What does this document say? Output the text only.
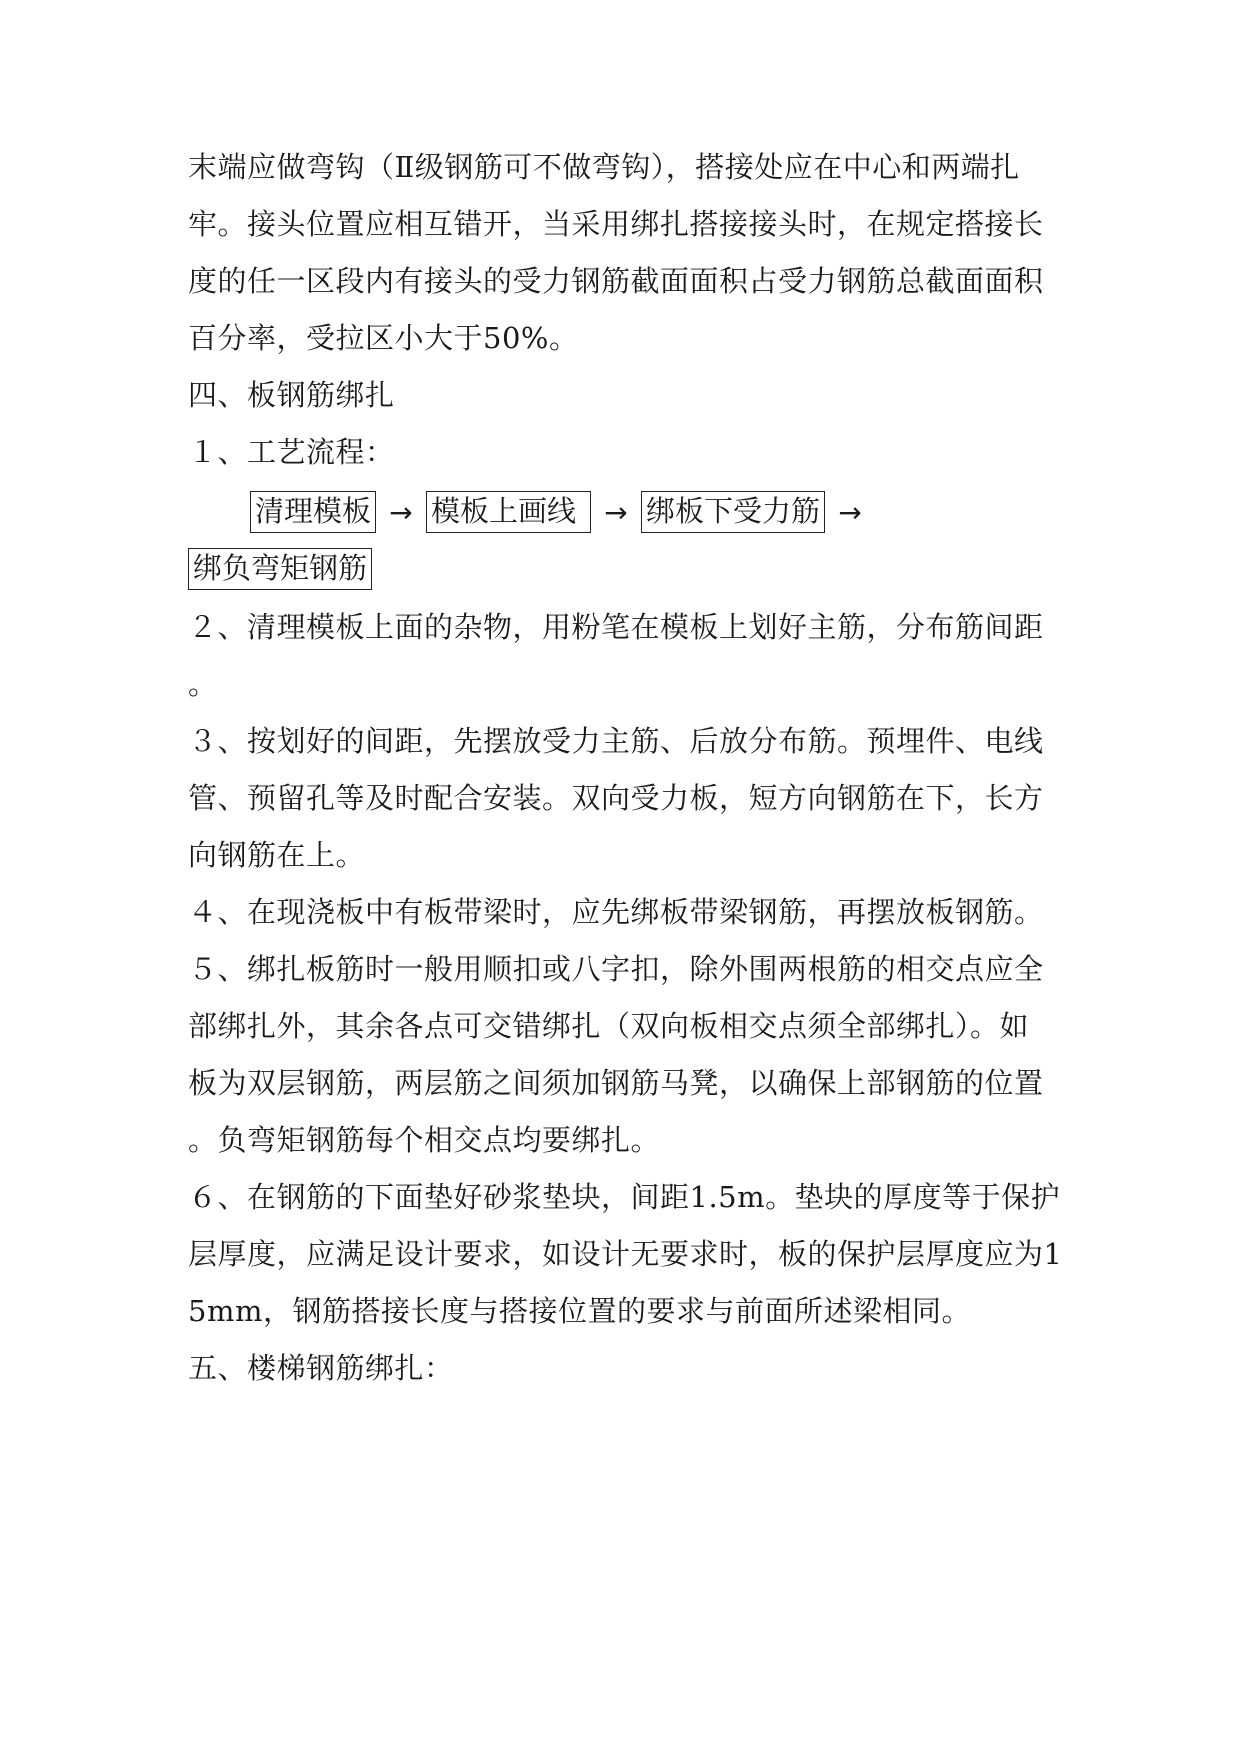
末端应做弯钩（Ⅱ级钢筋可不做弯钩），搭接处应在中心和两端扎
牢。接头位置应相互错开，当采用绑扎搭接接头时，在规定搭接长
度的任一区段内有接头的受力钢筋截面面积占受力钢筋总截面面积
百分率，受拉区小大于50%。
四、板钢筋绑扎
１、工艺流程：
清理模板 → 模板上画线	→ 绑板下受力筋 →
绑负弯矩钢筋
２、清理模板上面的杂物，用粉笔在模板上划好主筋，分布筋间距
。
３、按划好的间距，先摆放受力主筋、后放分布筋。预埋件、电线
管、预留孔等及时配合安装。双向受力板，短方向钢筋在下，长方
向钢筋在上。
４、在现浇板中有板带梁时，应先绑板带梁钢筋，再摆放板钢筋。
５、绑扎板筋时一般用顺扣或八字扣，除外围两根筋的相交点应全
部绑扎外，其余各点可交错绑扎（双向板相交点须全部绑扎）。如
板为双层钢筋，两层筋之间须加钢筋马凳，以确保上部钢筋的位置
。负弯矩钢筋每个相交点均要绑扎。
６、在钢筋的下面垫好砂浆垫块，间距1.5m。垫块的厚度等于保护
层厚度，应满足设计要求，如设计无要求时，板的保护层厚度应为1
5mm，钢筋搭接长度与搭接位置的要求与前面所述梁相同。
五、楼梯钢筋绑扎：
